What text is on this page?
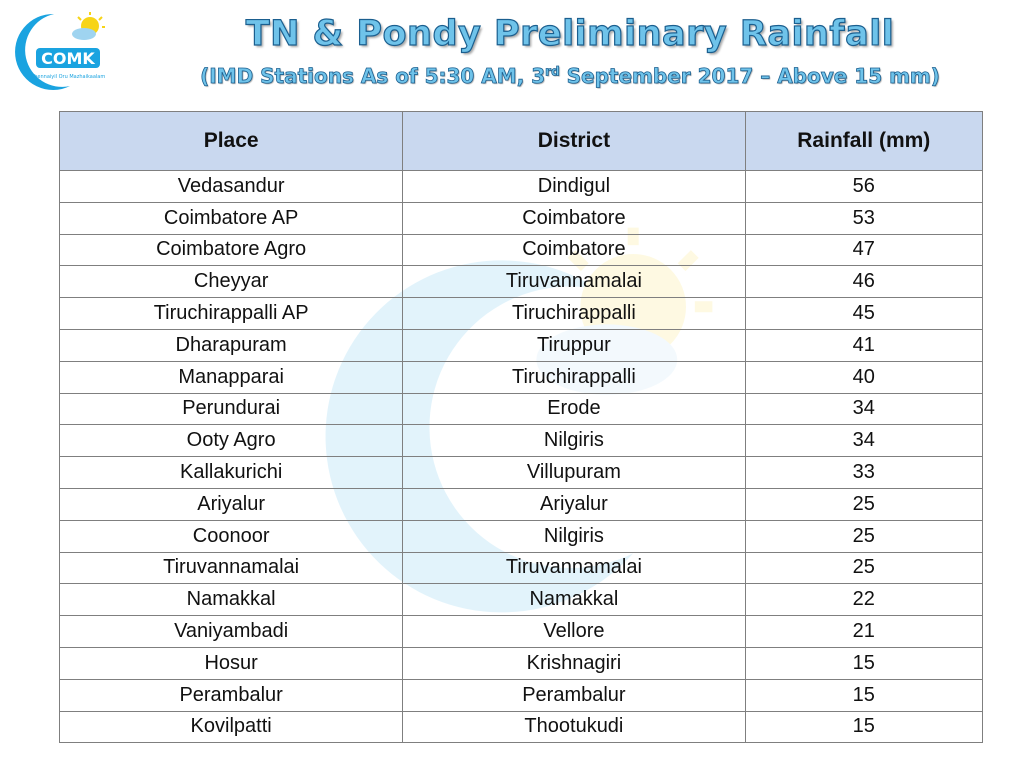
COMK
Chennaiyil Oru Mazhaikaalam
TN & Pondy Preliminary Rainfall
(IMD Stations As of 5:30 AM, 3rd September 2017 – Above 15 mm)
Place	District	Rainfall (mm)
Vedasandur	Dindigul	56
Coimbatore AP	Coimbatore	53
Coimbatore Agro	Coimbatore	47
Cheyyar	Tiruvannamalai	46
Tiruchirappalli AP	Tiruchirappalli	45
Dharapuram	Tiruppur	41
Manapparai	Tiruchirappalli	40
Perundurai	Erode	34
Ooty Agro	Nilgiris	34
Kallakurichi	Villupuram	33
Ariyalur	Ariyalur	25
Coonoor	Nilgiris	25
Tiruvannamalai	Tiruvannamalai	25
Namakkal	Namakkal	22
Vaniyambadi	Vellore	21
Hosur	Krishnagiri	15
Perambalur	Perambalur	15
Kovilpatti	Thootukudi	15
